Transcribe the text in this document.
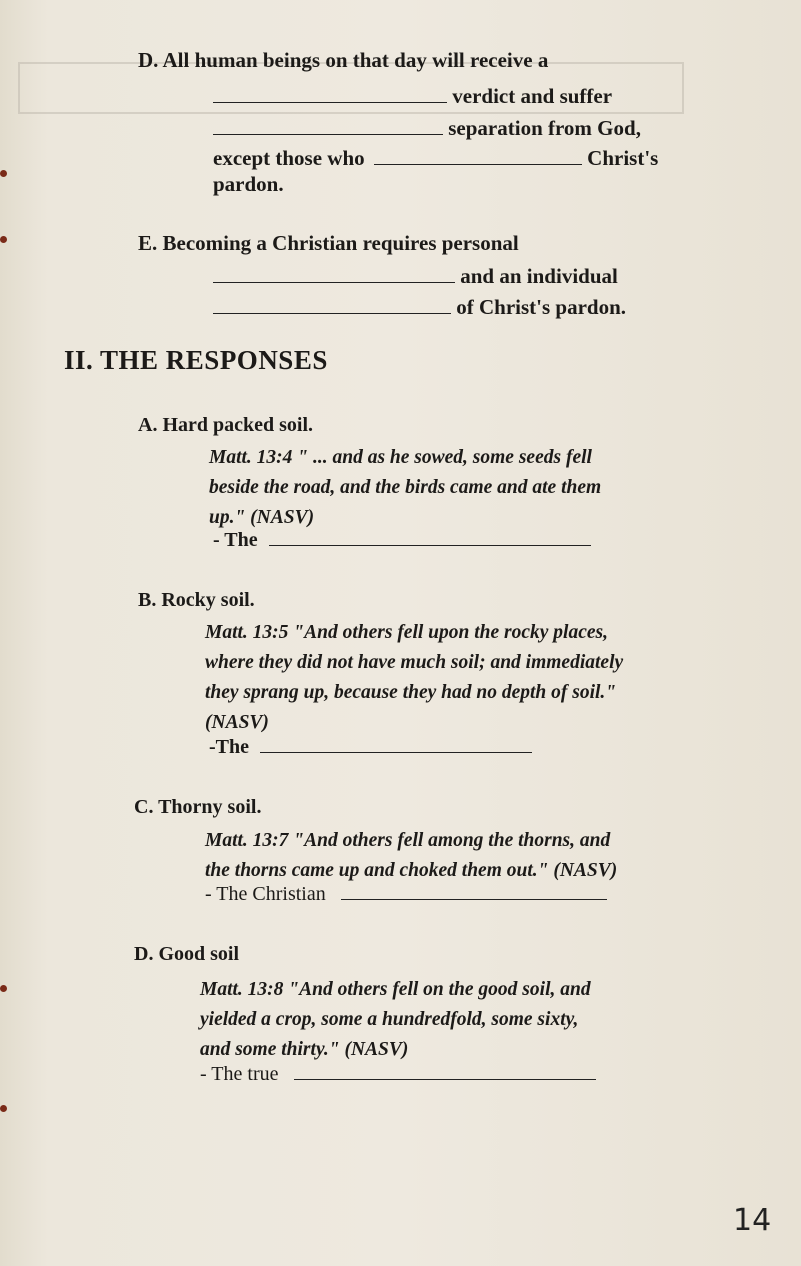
D. All human beings on that day will receive a
verdict and suffer
separation from God,
except those who	Christ's
pardon.
E. Becoming a Christian requires personal
and an individual
of Christ's pardon.
II. THE RESPONSES
A. Hard packed soil.
Matt. 13:4 " ... and as he sowed, some seeds fell
beside the road, and the birds came and ate them
up." (NASV)
- The
B. Rocky soil.
Matt. 13:5 "And others fell upon the rocky places,
where they did not have much soil; and immediately
they sprang up, because they had no depth of soil."
(NASV)
-The
C. Thorny soil.
Matt. 13:7 "And others fell among the thorns, and
the thorns came up and choked them out." (NASV)
- The Christian
D. Good soil
Matt. 13:8 "And others fell on the good soil, and
yielded a crop, some a hundredfold, some sixty,
and some thirty." (NASV)
- The true
14
